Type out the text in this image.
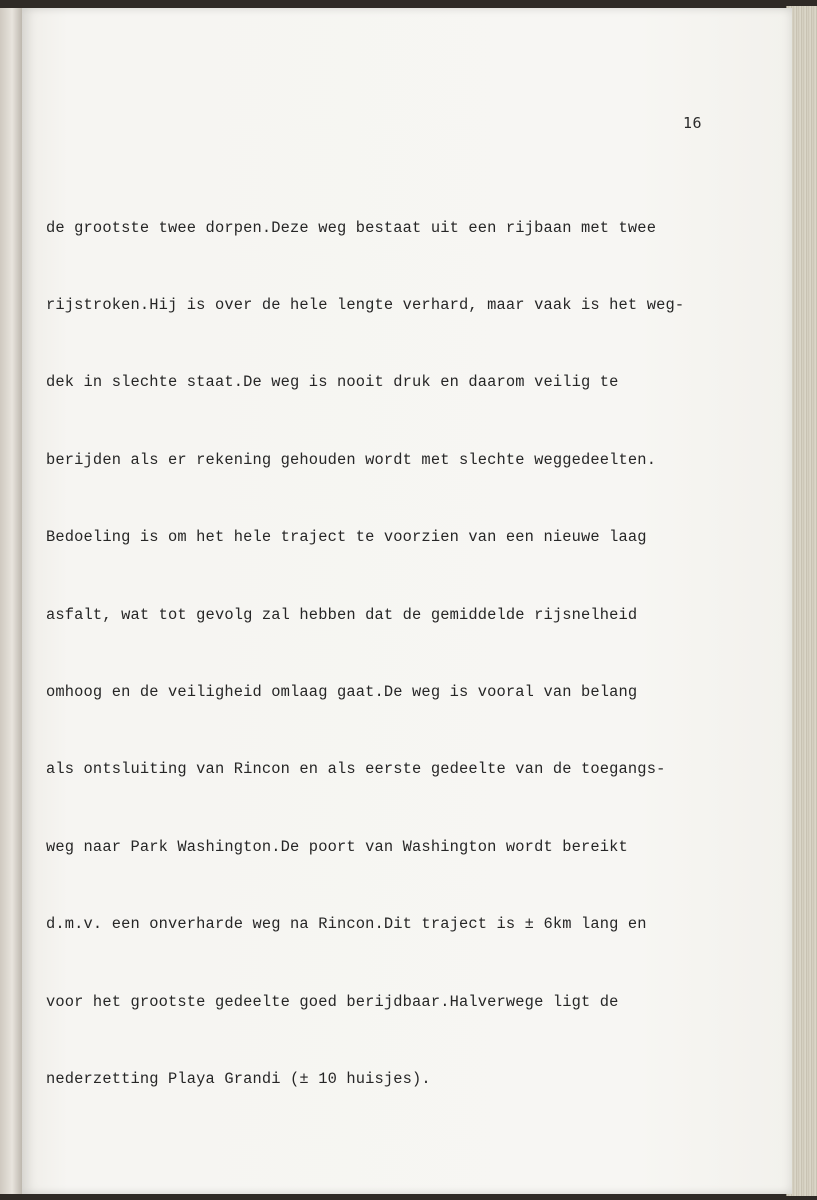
16

de grootste twee dorpen.Deze weg bestaat uit een rijbaan met twee

rijstroken.Hij is over de hele lengte verhard, maar vaak is het weg-

dek in slechte staat.De weg is nooit druk en daarom veilig te

berijden als er rekening gehouden wordt met slechte weggedeelten.

Bedoeling is om het hele traject te voorzien van een nieuwe laag

asfalt, wat tot gevolg zal hebben dat de gemiddelde rijsnelheid

omhoog en de veiligheid omlaag gaat.De weg is vooral van belang

als ontsluiting van Rincon en als eerste gedeelte van de toegangs-

weg naar Park Washington.De poort van Washington wordt bereikt

d.m.v. een onverharde weg na Rincon.Dit traject is ± 6km lang en

voor het grootste gedeelte goed berijdbaar.Halverwege ligt de

nederzetting Playa Grandi (± 10 huisjes).
